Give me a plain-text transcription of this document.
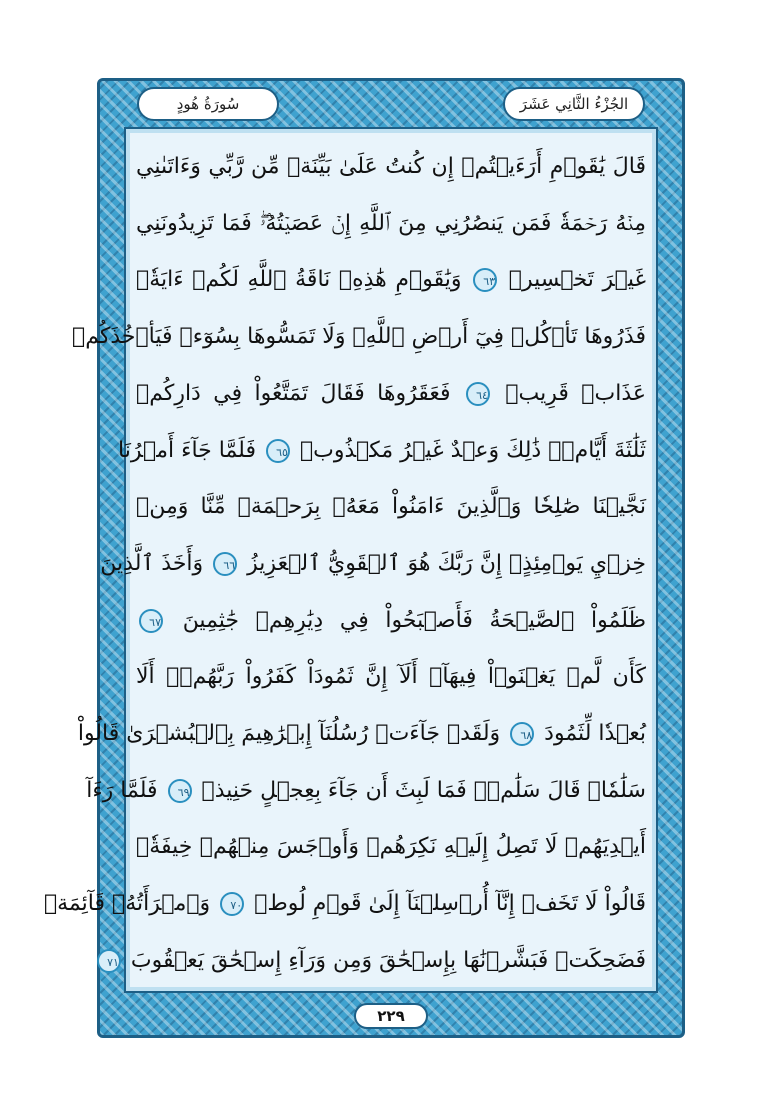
سُورَةُ هُودٍ	الجُزْءُ الثَّانِي عَشَرَ
قَالَ يَٰقَوۡمِ أَرَءَيۡتُمۡ إِن كُنتُ عَلَىٰ بَيِّنَةٖ مِّن رَّبِّي وَءَاتَىٰنِي
مِنۡهُ رَحۡمَةٗ فَمَن يَنصُرُنِي مِنَ ٱللَّهِ إِنۡ عَصَيۡتُهُۥۖ فَمَا تَزِيدُونَنِي
غَيۡرَ تَخۡسِيرٖ ٦٣ وَيَٰقَوۡمِ هَٰذِهِۦ نَاقَةُ ٱللَّهِ لَكُمۡ ءَايَةٗۖ
فَذَرُوهَا تَأۡكُلۡ فِيٓ أَرۡضِ ٱللَّهِۖ وَلَا تَمَسُّوهَا بِسُوٓءٖ فَيَأۡخُذَكُمۡ
عَذَابٞ قَرِيبٞ ٦٤ فَعَقَرُوهَا فَقَالَ تَمَتَّعُواْ فِي دَارِكُمۡ
ثَلَٰثَةَ أَيَّامٖۖ ذَٰلِكَ وَعۡدٌ غَيۡرُ مَكۡذُوبٖ ٦٥ فَلَمَّا جَآءَ أَمۡرُنَا
نَجَّيۡنَا صَٰلِحٗا وَٱلَّذِينَ ءَامَنُواْ مَعَهُۥ بِرَحۡمَةٖ مِّنَّا وَمِنۡ
خِزۡيِ يَوۡمِئِذٍۚ إِنَّ رَبَّكَ هُوَ ٱلۡقَوِيُّ ٱلۡعَزِيزُ ٦٦ وَأَخَذَ ٱلَّذِينَ
ظَلَمُواْ ٱلصَّيۡحَةُ فَأَصۡبَحُواْ فِي دِيَٰرِهِمۡ جَٰثِمِينَ ٦٧
كَأَن لَّمۡ يَغۡنَوۡاْ فِيهَآۗ أَلَآ إِنَّ ثَمُودَاْ كَفَرُواْ رَبَّهُمۡۗ أَلَا
بُعۡدٗا لِّثَمُودَ ٦٨ وَلَقَدۡ جَآءَتۡ رُسُلُنَآ إِبۡرَٰهِيمَ بِٱلۡبُشۡرَىٰ قَالُواْ
سَلَٰمٗاۖ قَالَ سَلَٰمٞۖ فَمَا لَبِثَ أَن جَآءَ بِعِجۡلٍ حَنِيذٖ ٦٩ فَلَمَّا رَءَآ
أَيۡدِيَهُمۡ لَا تَصِلُ إِلَيۡهِ نَكِرَهُمۡ وَأَوۡجَسَ مِنۡهُمۡ خِيفَةٗۚ
قَالُواْ لَا تَخَفۡ إِنَّآ أُرۡسِلۡنَآ إِلَىٰ قَوۡمِ لُوطٖ ٧٠ وَٱمۡرَأَتُهُۥ قَآئِمَةٞ
فَضَحِكَتۡ فَبَشَّرۡنَٰهَا بِإِسۡحَٰقَ وَمِن وَرَآءِ إِسۡحَٰقَ يَعۡقُوبَ ٧١
٢٢٩
